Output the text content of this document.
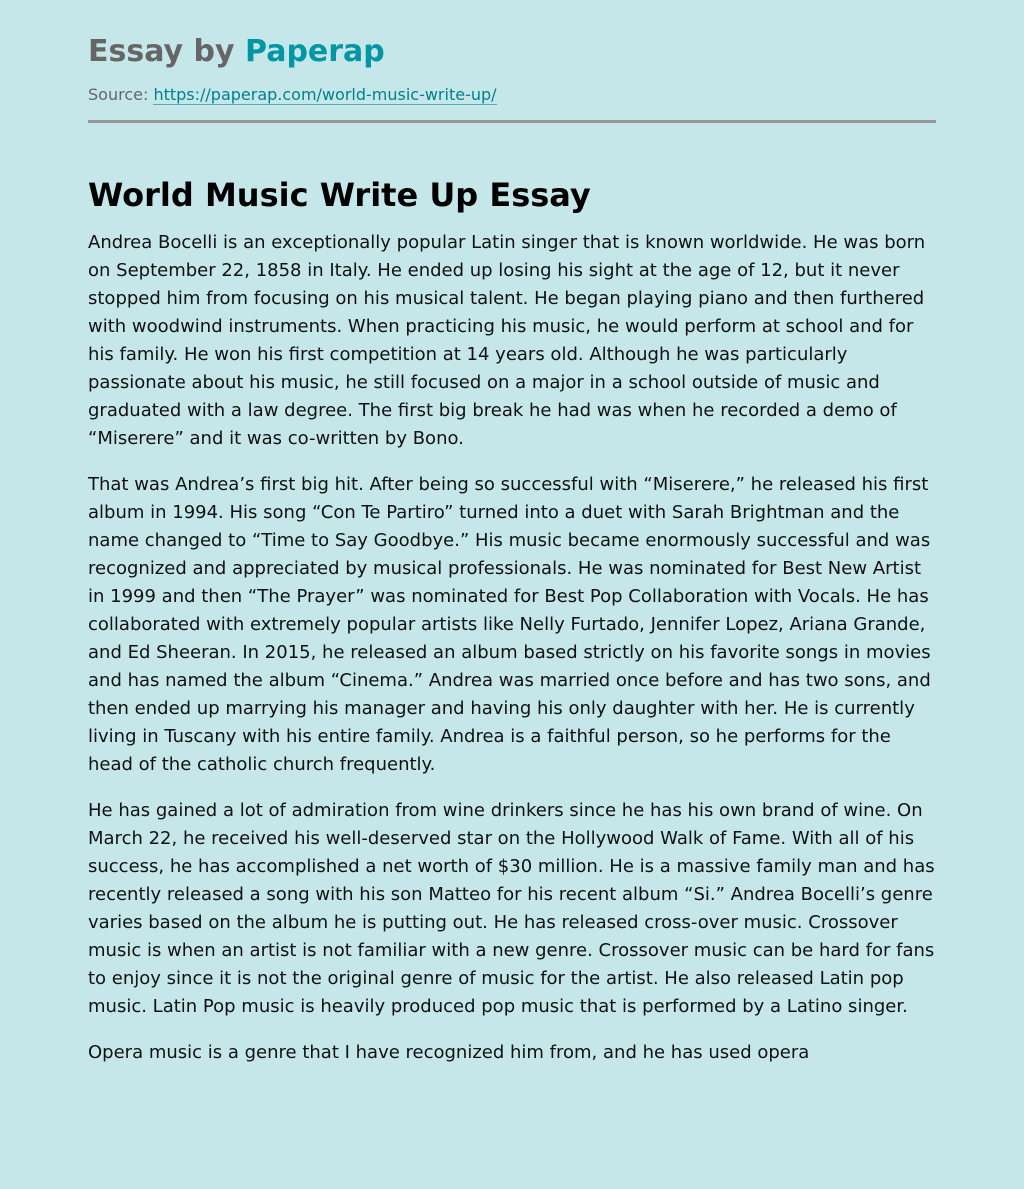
Essay by Paperap
Source: https://paperap.com/world-music-write-up/
World Music Write Up Essay

Andrea Bocelli is an exceptionally popular Latin singer that is known worldwide. He was born on September 22, 1858 in Italy. He ended up losing his sight at the age of 12, but it never stopped him from focusing on his musical talent. He began playing piano and then furthered with woodwind instruments. When practicing his music, he would perform at school and for his family. He won his first competition at 14 years old. Although he was particularly passionate about his music, he still focused on a major in a school outside of music and graduated with a law degree. The first big break he had was when he recorded a demo of “Miserere” and it was co-written by Bono.

That was Andrea’s first big hit. After being so successful with “Miserere,” he released his first album in 1994. His song “Con Te Partiro” turned into a duet with Sarah Brightman and the name changed to “Time to Say Goodbye.” His music became enormously successful and was recognized and appreciated by musical professionals. He was nominated for Best New Artist in 1999 and then “The Prayer” was nominated for Best Pop Collaboration with Vocals. He has collaborated with extremely popular artists like Nelly Furtado, Jennifer Lopez, Ariana Grande, and Ed Sheeran. In 2015, he released an album based strictly on his favorite songs in movies and has named the album “Cinema.” Andrea was married once before and has two sons, and then ended up marrying his manager and having his only daughter with her. He is currently living in Tuscany with his entire family. Andrea is a faithful person, so he performs for the head of the catholic church frequently.

He has gained a lot of admiration from wine drinkers since he has his own brand of wine. On March 22, he received his well-deserved star on the Hollywood Walk of Fame. With all of his success, he has accomplished a net worth of $30 million. He is a massive family man and has recently released a song with his son Matteo for his recent album “Si.” Andrea Bocelli’s genre varies based on the album he is putting out. He has released cross-over music. Crossover music is when an artist is not familiar with a new genre. Crossover music can be hard for fans to enjoy since it is not the original genre of music for the artist. He also released Latin pop music. Latin Pop music is heavily produced pop music that is performed by a Latino singer.

Opera music is a genre that I have recognized him from, and he has used opera
